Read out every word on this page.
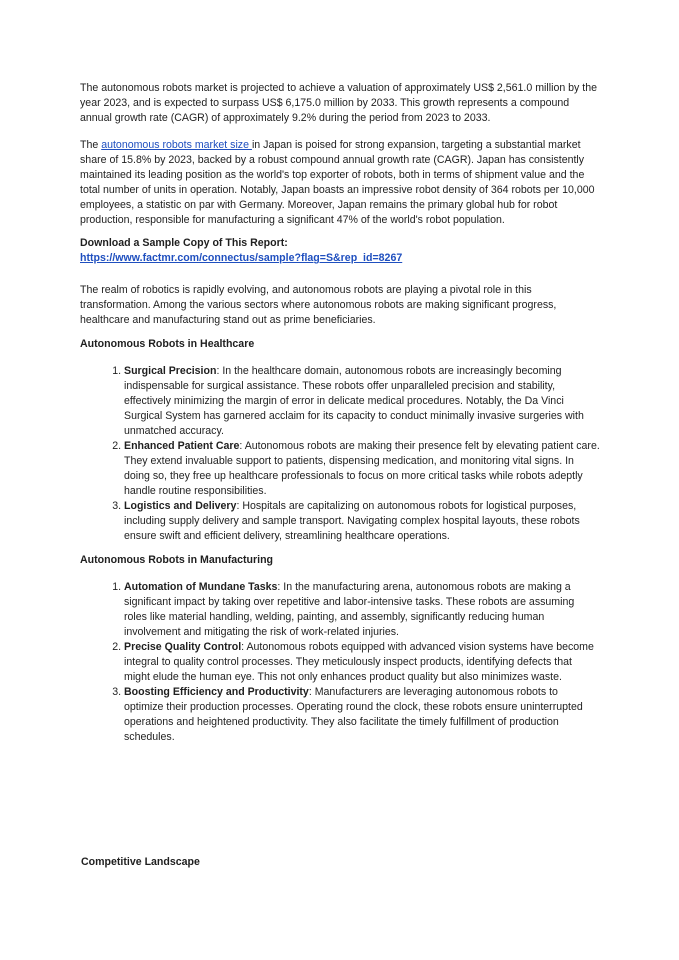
The autonomous robots market is projected to achieve a valuation of approximately US$ 2,561.0 million by the year 2023, and is expected to surpass US$ 6,175.0 million by 2033. This growth represents a compound annual growth rate (CAGR) of approximately 9.2% during the period from 2023 to 2033.

The autonomous robots market size in Japan is poised for strong expansion, targeting a substantial market share of 15.8% by 2023, backed by a robust compound annual growth rate (CAGR). Japan has consistently maintained its leading position as the world's top exporter of robots, both in terms of shipment value and the total number of units in operation. Notably, Japan boasts an impressive robot density of 364 robots per 10,000 employees, a statistic on par with Germany. Moreover, Japan remains the primary global hub for robot production, responsible for manufacturing a significant 47% of the world's robot population.

Download a Sample Copy of This Report:

https://www.factmr.com/connectus/sample?flag=S&rep_id=8267

The realm of robotics is rapidly evolving, and autonomous robots are playing a pivotal role in this transformation. Among the various sectors where autonomous robots are making significant progress, healthcare and manufacturing stand out as prime beneficiaries.

Autonomous Robots in Healthcare

1. Surgical Precision: In the healthcare domain, autonomous robots are increasingly becoming indispensable for surgical assistance. These robots offer unparalleled precision and stability, effectively minimizing the margin of error in delicate medical procedures. Notably, the Da Vinci Surgical System has garnered acclaim for its capacity to conduct minimally invasive surgeries with unmatched accuracy.
2. Enhanced Patient Care: Autonomous robots are making their presence felt by elevating patient care. They extend invaluable support to patients, dispensing medication, and monitoring vital signs. In doing so, they free up healthcare professionals to focus on more critical tasks while robots adeptly handle routine responsibilities.
3. Logistics and Delivery: Hospitals are capitalizing on autonomous robots for logistical purposes, including supply delivery and sample transport. Navigating complex hospital layouts, these robots ensure swift and efficient delivery, streamlining healthcare operations.

Autonomous Robots in Manufacturing

1. Automation of Mundane Tasks: In the manufacturing arena, autonomous robots are making a significant impact by taking over repetitive and labor-intensive tasks. These robots are assuming roles like material handling, welding, painting, and assembly, significantly reducing human involvement and mitigating the risk of work-related injuries.
2. Precise Quality Control: Autonomous robots equipped with advanced vision systems have become integral to quality control processes. They meticulously inspect products, identifying defects that might elude the human eye. This not only enhances product quality but also minimizes waste.
3. Boosting Efficiency and Productivity: Manufacturers are leveraging autonomous robots to optimize their production processes. Operating round the clock, these robots ensure uninterrupted operations and heightened productivity. They also facilitate the timely fulfillment of production schedules.

Competitive Landscape
